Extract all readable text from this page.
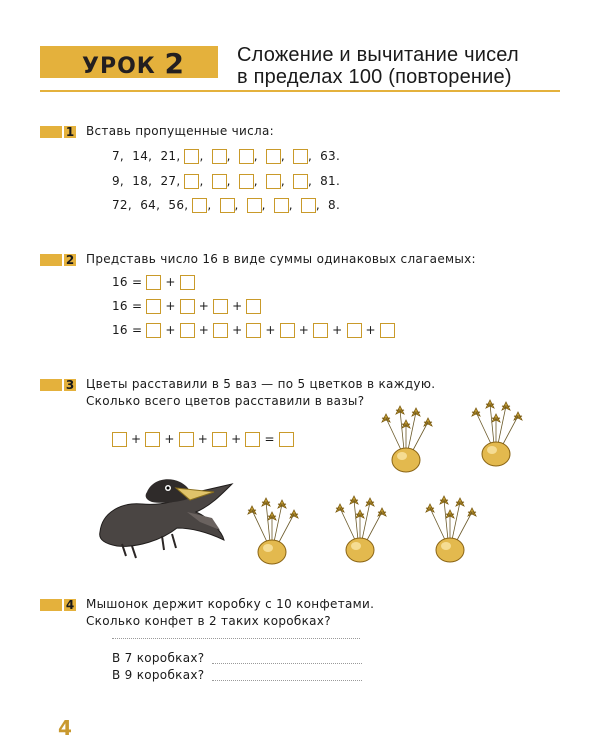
УРОК 2	Сложение и вычитание чисел
в пределах 100 (повторение)
1 Вставь пропущенные числа:
7,  14,  21, , , , , , 63.
9,  18,  27, , , , , , 81.
72,  64,  56, , , , , , 8.
2 Представь число 16 в виде суммы одинаковых слагаемых:
16 = +
16 = + + +
16 = + + + + + + +
3 Цветы расставили в 5 ваз — по 5 цветков в каждую.
Сколько всего цветов расставили в вазы?
+ + + + =
4 Мышонок держит коробку с 10 конфетами.
Сколько конфет в 2 таких коробках?
В 7 коробках?
В 9 коробках?
4
